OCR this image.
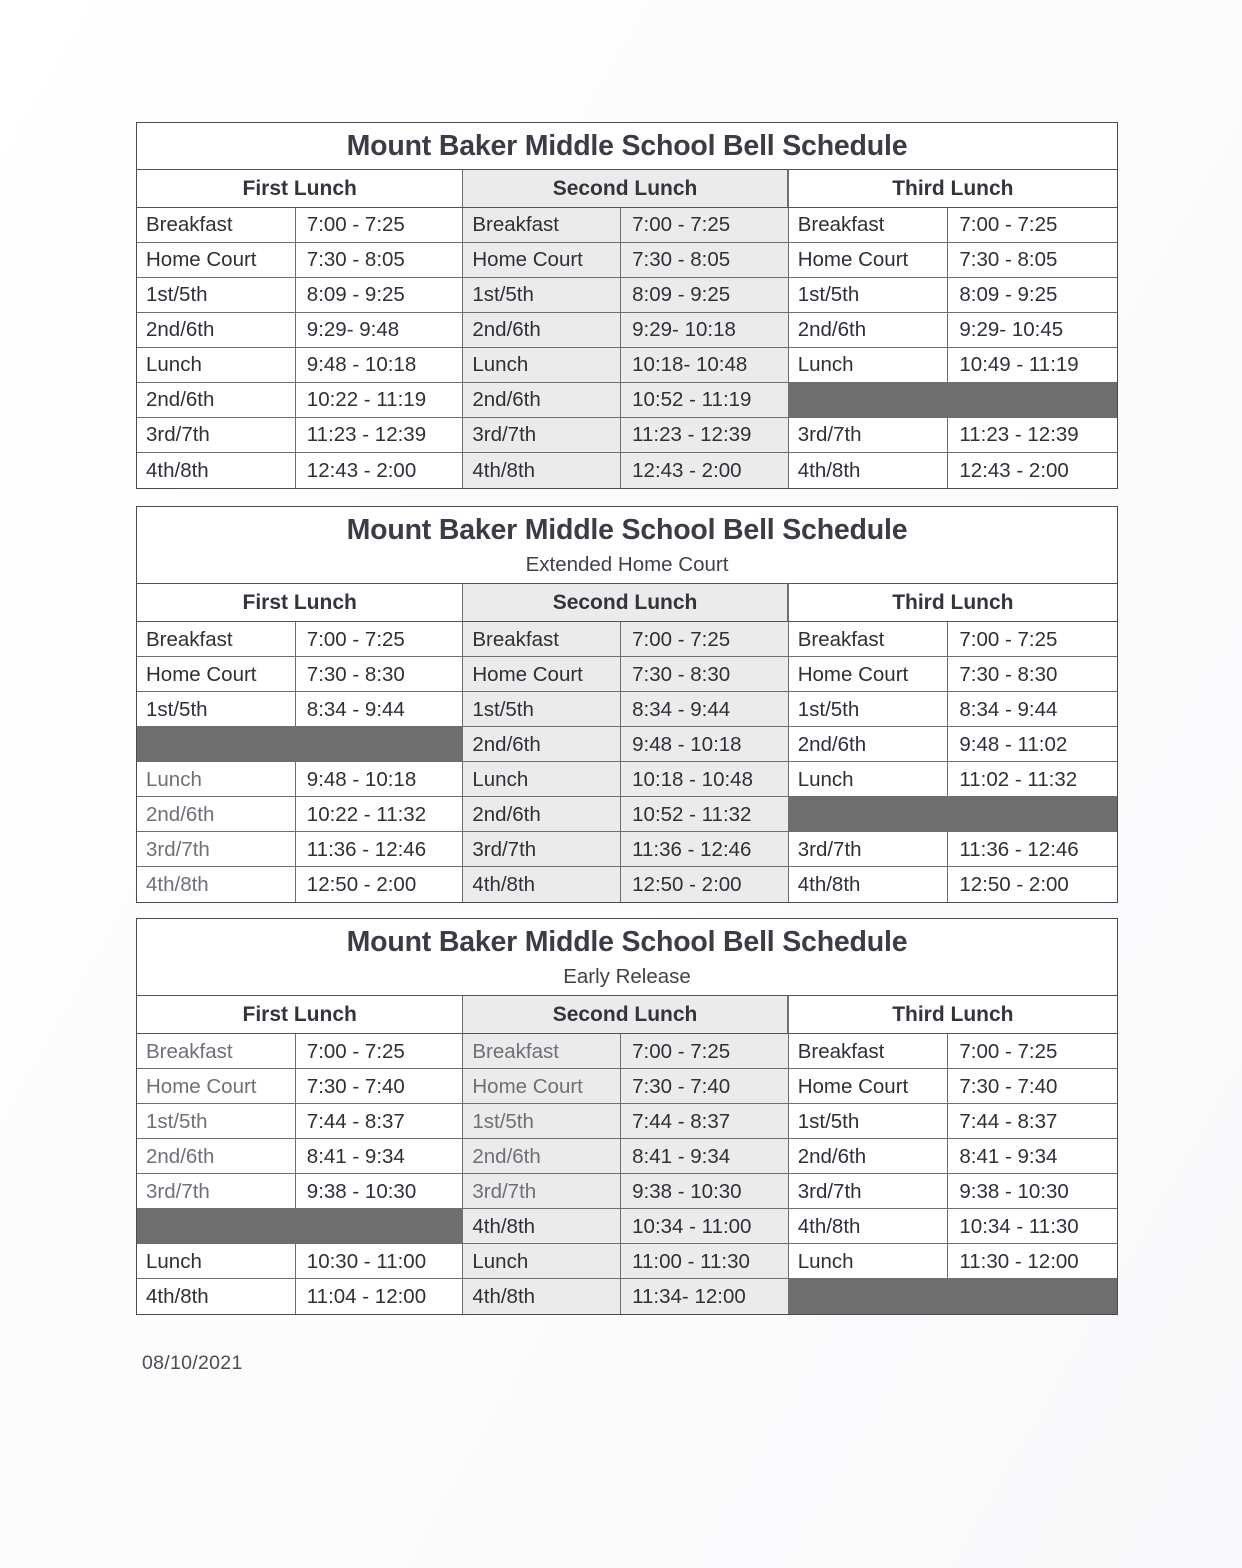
Mount Baker Middle School Bell Schedule
First Lunch
Breakfast	7:00 - 7:25
Home Court	7:30 - 8:05
1st/5th	8:09 - 9:25
2nd/6th	9:29- 9:48
Lunch	9:48 - 10:18
2nd/6th	10:22 - 11:19
3rd/7th	11:23 - 12:39
4th/8th	12:43 - 2:00
Second Lunch
Breakfast	7:00 - 7:25
Home Court	7:30 - 8:05
1st/5th	8:09 - 9:25
2nd/6th	9:29- 10:18
Lunch	10:18- 10:48
2nd/6th	10:52 - 11:19
3rd/7th	11:23 - 12:39
4th/8th	12:43 - 2:00
Third Lunch
Breakfast	7:00 - 7:25
Home Court	7:30 - 8:05
1st/5th	8:09 - 9:25
2nd/6th	9:29- 10:45
Lunch	10:49 - 11:19
3rd/7th	11:23 - 12:39
4th/8th	12:43 - 2:00
Mount Baker Middle School Bell Schedule
Extended Home Court
First Lunch
Breakfast	7:00 - 7:25
Home Court	7:30 - 8:30
1st/5th	8:34 - 9:44
Lunch	9:48 - 10:18
2nd/6th	10:22 - 11:32
3rd/7th	11:36 - 12:46
4th/8th	12:50 - 2:00
Second Lunch
Breakfast	7:00 - 7:25
Home Court	7:30 - 8:30
1st/5th	8:34 - 9:44
2nd/6th	9:48 - 10:18
Lunch	10:18 - 10:48
2nd/6th	10:52 - 11:32
3rd/7th	11:36 - 12:46
4th/8th	12:50 - 2:00
Third Lunch
Breakfast	7:00 - 7:25
Home Court	7:30 - 8:30
1st/5th	8:34 - 9:44
2nd/6th	9:48 - 11:02
Lunch	11:02 - 11:32
3rd/7th	11:36 - 12:46
4th/8th	12:50 - 2:00
Mount Baker Middle School Bell Schedule
Early Release
First Lunch
Breakfast	7:00 - 7:25
Home Court	7:30 - 7:40
1st/5th	7:44 - 8:37
2nd/6th	8:41 - 9:34
3rd/7th	9:38 - 10:30
Lunch	10:30 - 11:00
4th/8th	11:04 - 12:00
Second Lunch
Breakfast	7:00 - 7:25
Home Court	7:30 - 7:40
1st/5th	7:44 - 8:37
2nd/6th	8:41 - 9:34
3rd/7th	9:38 - 10:30
4th/8th	10:34 - 11:00
Lunch	11:00 - 11:30
4th/8th	11:34- 12:00
Third Lunch
Breakfast	7:00 - 7:25
Home Court	7:30 - 7:40
1st/5th	7:44 - 8:37
2nd/6th	8:41 - 9:34
3rd/7th	9:38 - 10:30
4th/8th	10:34 - 11:30
Lunch	11:30 - 12:00
08/10/2021
